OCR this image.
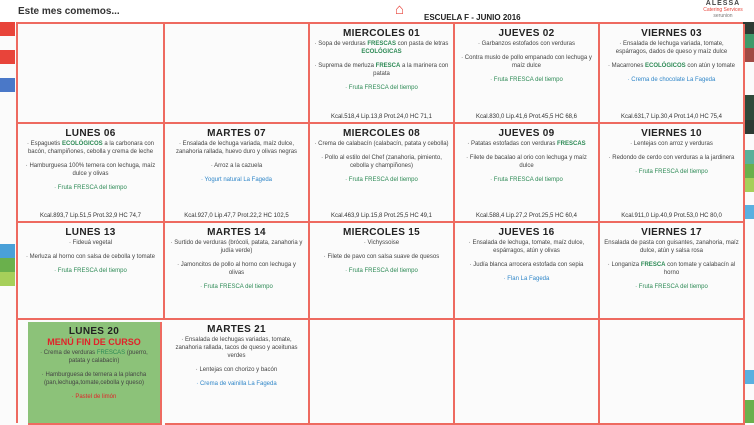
Este mes comemos...	⌂ ESCUELA F - JUNIO 2016
ALESSA
Catering Services
serunion
MIERCOLES 01
· Sopa de verduras FRESCAS con pasta de letras ECOLÓGICAS
· Suprema de merluza FRESCA a la marinera con patata
· Fruta FRESCA del tiempo
Kcal.518,4 Lip.13,8 Prot.24,0 HC 71,1
JUEVES 02
· Garbanzos estofados con verduras
· Contra muslo de pollo empanado con lechuga y maíz dulce
· Fruta FRESCA del tiempo
Kcal.830,0 Lip.41,6 Prot.45,5 HC 68,6
VIERNES 03
· Ensalada de lechuga variada, tomate, espárragos, dados de queso y maíz dulce
· Macarrones ECOLÓGICOS con atún y tomate
· Crema de chocolate La Fageda
Kcal.631,7 Lip.30,4 Prot.14,0 HC 75,4
LUNES 06
· Espaguetis ECOLÓGICOS a la carbonara con bacón, champiñones, cebolla y crema de leche
· Hamburguesa 100% ternera con lechuga, maíz dulce y olivas
· Fruta FRESCA del tiempo
Kcal.893,7 Lip.51,5 Prot.32,9 HC 74,7
MARTES 07
· Ensalada de lechuga variada, maíz dulce, zanahoria rallada, huevo duro y olivas negras
· Arroz a la cazuela
· Yogurt natural La Fageda
Kcal.927,0 Lip.47,7 Prot.22,2 HC 102,5
MIERCOLES 08
· Crema de calabacín (calabacín, patata y cebolla)
· Pollo al estilo del Chef (zanahoria, pimiento, cebolla y champiñones)
· Fruta FRESCA del tiempo
Kcal.463,9 Lip.15,8 Prot.25,5 HC 49,1
JUEVES 09
· Patatas estofadas con verduras FRESCAS
· Filete de bacalao al orio con lechuga y maíz dulce
· Fruta FRESCA del tiempo
Kcal.588,4 Lip.27,2 Prot.25,5 HC 60,4
VIERNES 10
· Lentejas con arroz y verduras
· Redondo de cerdo con verduras a la jardinera
· Fruta FRESCA del tiempo
Kcal.911,0 Lip.40,9 Prot.53,0 HC 80,0
LUNES 13
· Fideuá vegetal
· Merluza al horno con salsa de cebolla y tomate
· Fruta FRESCA del tiempo
MARTES 14
· Surtido de verduras (brócoli, patata, zanahoria y judía verde)
· Jamoncitos de pollo al horno con lechuga y olivas
· Fruta FRESCA del tiempo
MIERCOLES 15
· Vichyssoise
· Filete de pavo con salsa suave de quesos
· Fruta FRESCA del tiempo
JUEVES 16
· Ensalada de lechuga, tomate, maíz dulce, espárragos, atún y olivas
· Judía blanca arrocera estofada con sepia
· Flan La Fageda
VIERNES 17
Ensalada de pasta con guisantes, zanahoria, maíz dulce, atún y salsa rosa
· Longaniza FRESCA con tomate y calabacín al horno
· Fruta FRESCA del tiempo
LUNES 20
MENÚ FIN DE CURSO
· Crema de verduras FRESCAS (puerro, patata y calabacín)
· Hamburguesa de ternera a la plancha (pan,lechuga,tomate,cebolla y queso)
· Pastel de limón
MARTES 21
· Ensalada de lechugas variadas, tomate, zanahoria rallada, tacos de queso y aceitunas verdes
· Lentejas con chorizo y bacón
· Crema de vainilla La Fageda
